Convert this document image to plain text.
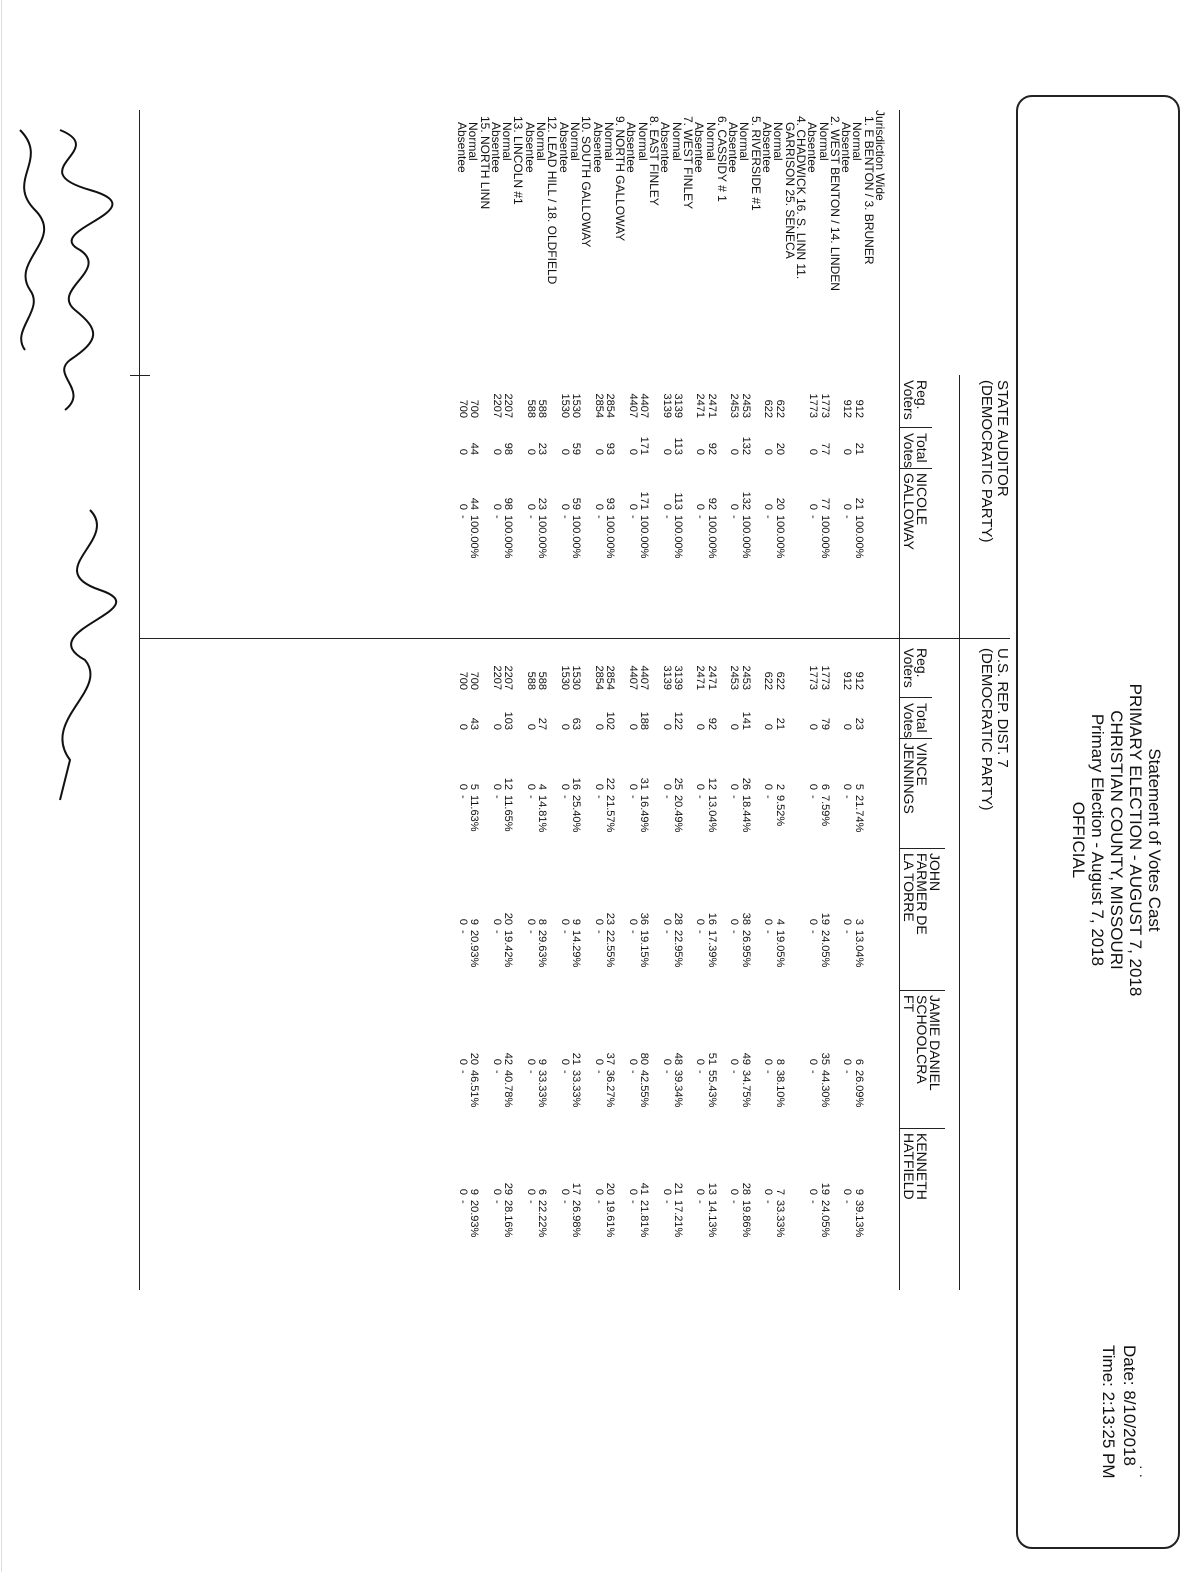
· ·
Statement of Votes Cast
PRIMARY ELECTION - AUGUST 7, 2018
CHRISTIAN COUNTY, MISSOURI
Primary Election - August 7, 2018
OFFICIAL
Date: 8/10/2018
Time: 2:13:25 PM
STATE AUDITOR
(DEMOCRATIC PARTY)
Reg.
Voters
Total
Votes
NICOLE
GALLOWAY
U.S. REP. DIST. 7
(DEMOCRATIC PARTY)
Reg.
Voters
Total
Votes
VINCE
JENNINGS
JOHN
FARMER DE
LA TORRE
JAMIE DANIEL
SCHOOLCRA
FT
KENNETH
HATFIELD
Jurisdiction Wide
1. E BENTON / 3. BRUNER
Normal
Absentee
2. WEST BENTON / 14. LINDEN
Normal
Absentee
4. CHADWICK 16. S. LINN 11.
GARRISON 25. SENECA
Normal
Absentee
5. RIVERSIDE #1
Normal
Absentee
6. CASSIDY # 1
Normal
Absentee
7. WEST FINLEY
Normal
Absentee
8. EAST FINLEY
Normal
Absentee
9. NORTH GALLOWAY
Normal
Absentee
10. SOUTH GALLOWAY
Normal
Absentee
12. LEAD HILL / 18. OLDFIELD
Normal
Absentee
13. LINCOLN #1
Normal
Absentee
15. NORTH LINN
Normal
Absentee
912
21
21
100.00%
912
23
5
21.74%
3
13.04%
6
26.09%
9
39.13%
912
0
0
-
912
0
0
-
0
-
0
-
0
-
1773
77
77
100.00%
1773
79
6
7.59%
19
24.05%
35
44.30%
19
24.05%
1773
0
0
-
1773
0
0
-
0
-
0
-
0
-
622
20
20
100.00%
622
21
2
9.52%
4
19.05%
8
38.10%
7
33.33%
622
0
0
-
622
0
0
-
0
-
0
-
0
-
2453
132
132
100.00%
2453
141
26
18.44%
38
26.95%
49
34.75%
28
19.86%
2453
0
0
-
2453
0
0
-
0
-
0
-
0
-
2471
92
92
100.00%
2471
92
12
13.04%
16
17.39%
51
55.43%
13
14.13%
2471
0
0
-
2471
0
0
-
0
-
0
-
0
-
3139
113
113
100.00%
3139
122
25
20.49%
28
22.95%
48
39.34%
21
17.21%
3139
0
0
-
3139
0
0
-
0
-
0
-
0
-
4407
171
171
100.00%
4407
188
31
16.49%
36
19.15%
80
42.55%
41
21.81%
4407
0
0
-
4407
0
0
-
0
-
0
-
0
-
2854
93
93
100.00%
2854
102
22
21.57%
23
22.55%
37
36.27%
20
19.61%
2854
0
0
-
2854
0
0
-
0
-
0
-
0
-
1530
59
59
100.00%
1530
63
16
25.40%
9
14.29%
21
33.33%
17
26.98%
1530
0
0
-
1530
0
0
-
0
-
0
-
0
-
588
23
23
100.00%
588
27
4
14.81%
8
29.63%
9
33.33%
6
22.22%
588
0
0
-
588
0
0
-
0
-
0
-
0
-
2207
98
98
100.00%
2207
103
12
11.65%
20
19.42%
42
40.78%
29
28.16%
2207
0
0
-
2207
0
0
-
0
-
0
-
0
-
700
44
44
100.00%
700
43
5
11.63%
9
20.93%
20
46.51%
9
20.93%
700
0
0
-
700
0
0
-
0
-
0
-
0
-
